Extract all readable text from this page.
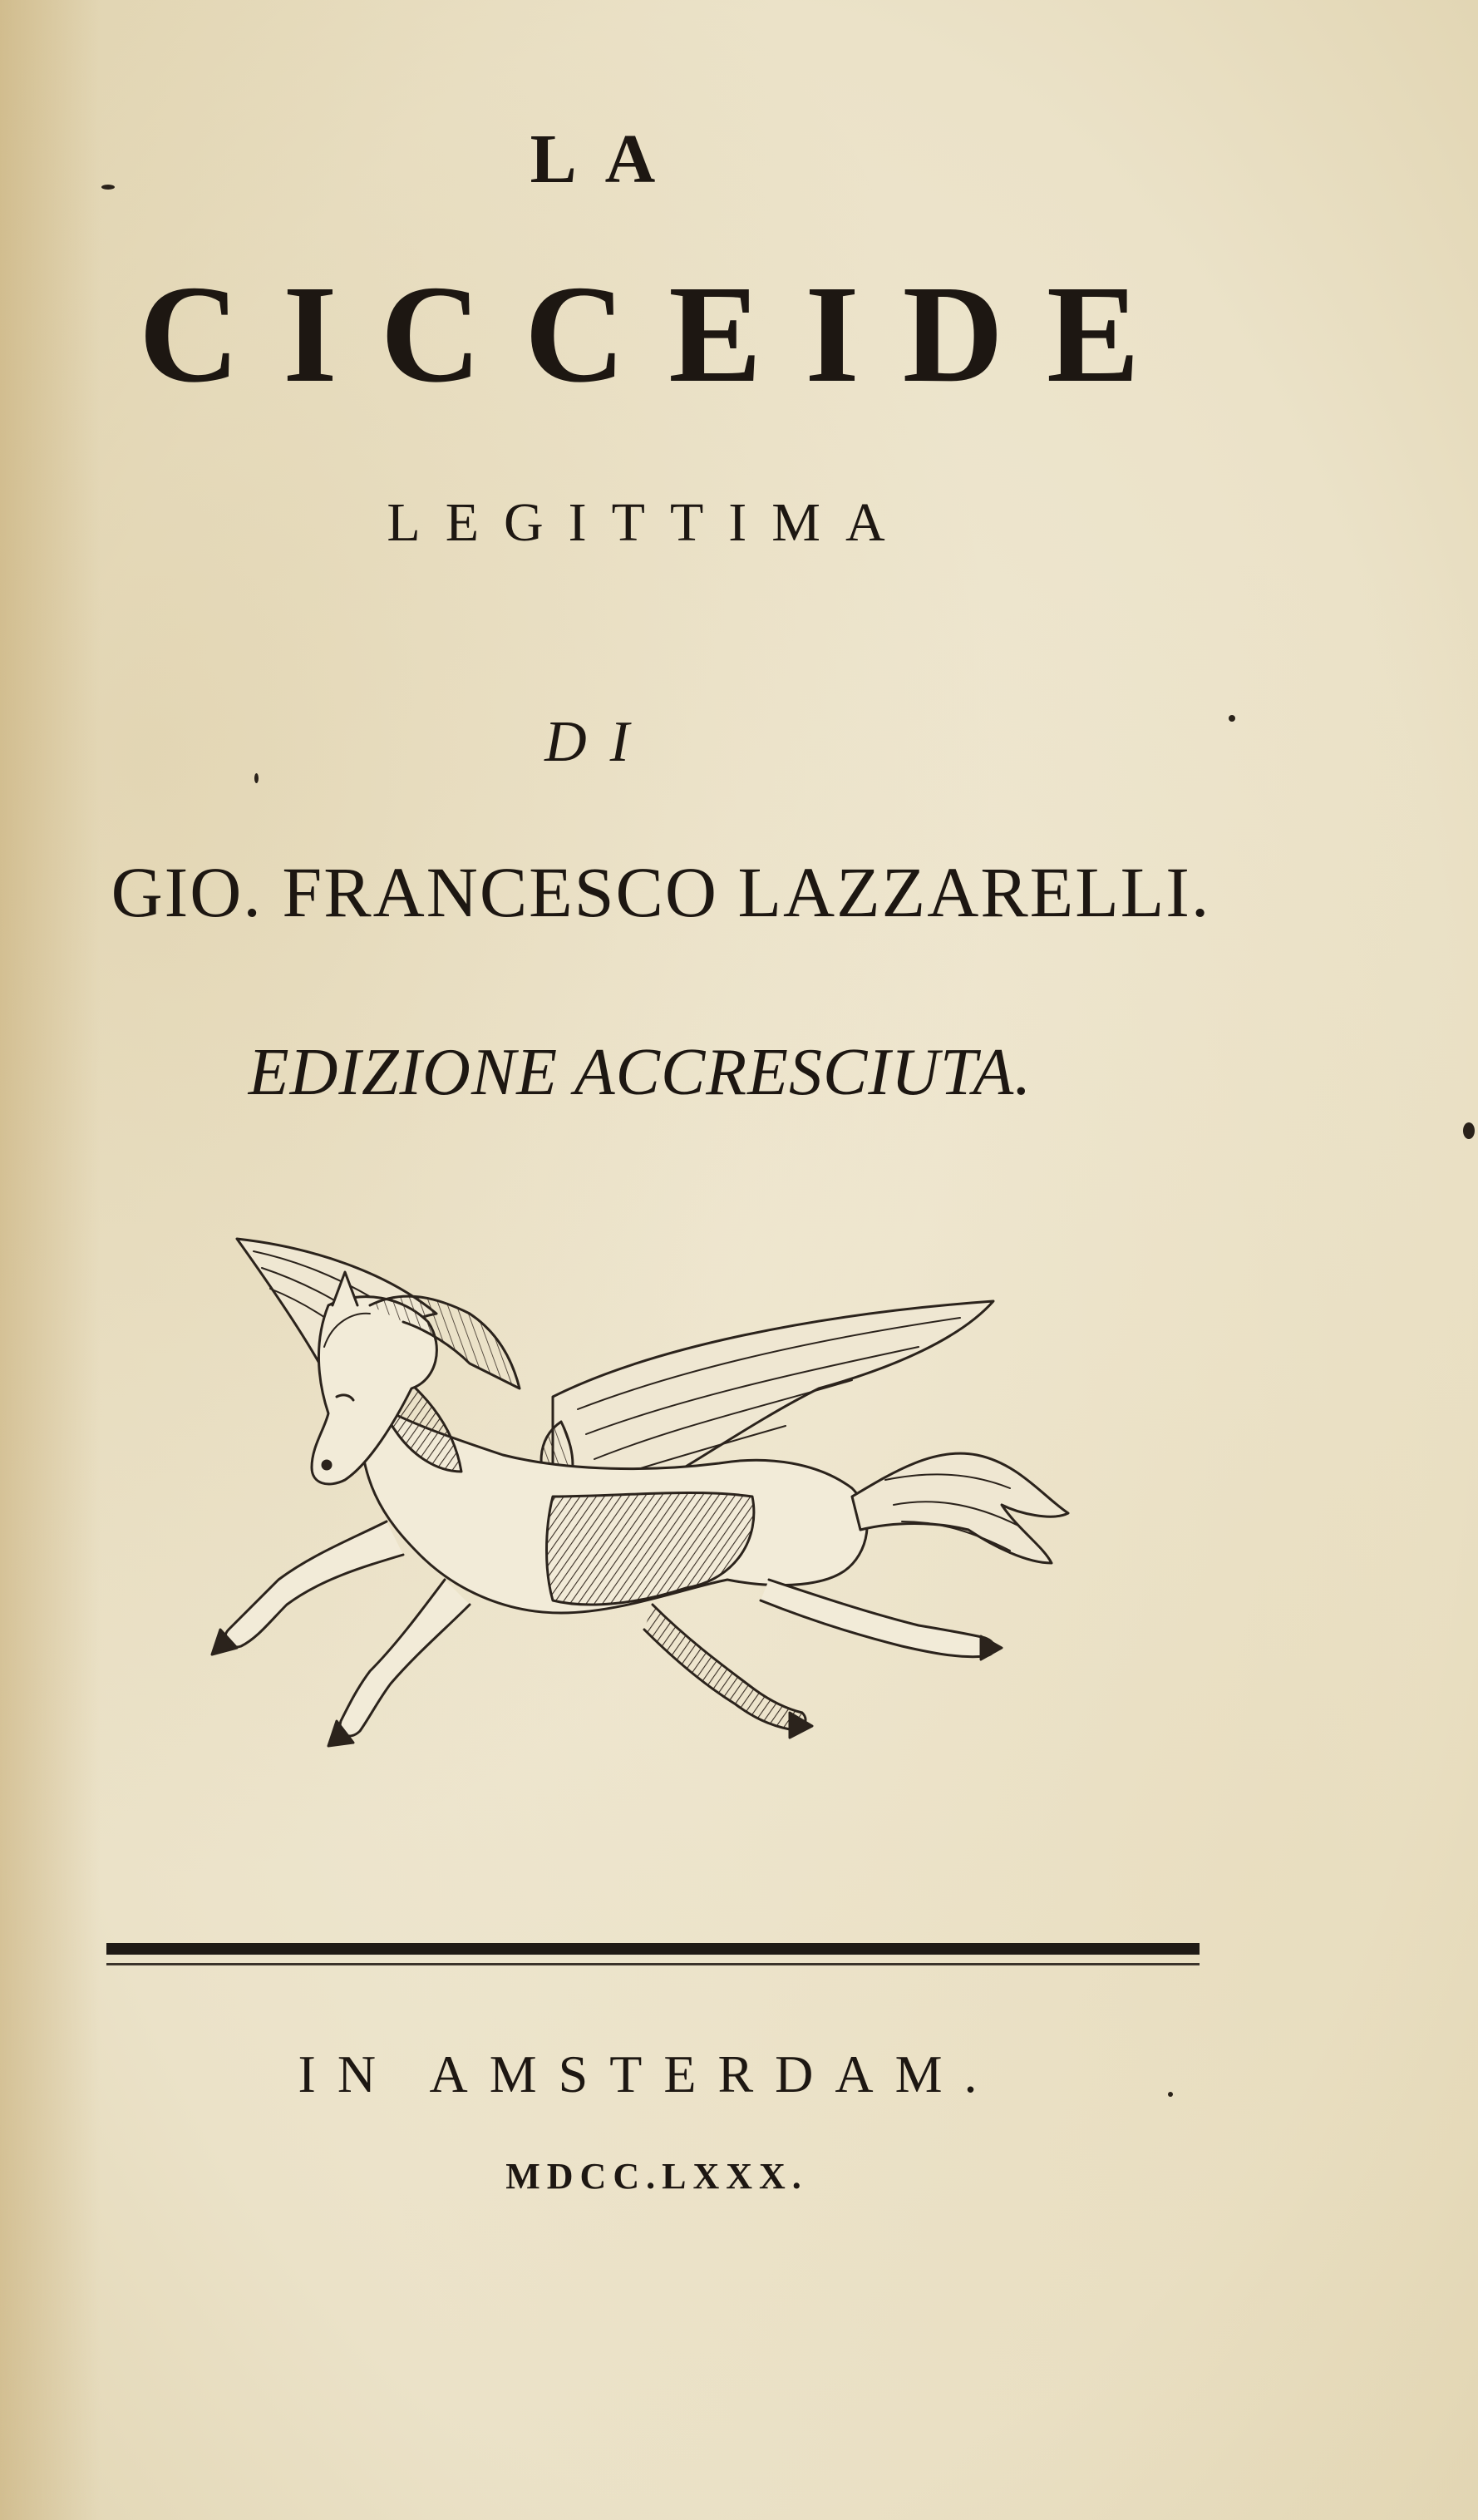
LA
CICCEIDE
LEGITTIMA
DI
GIO. FRANCESCO LAZZARELLI.
EDIZIONE ACCRESCIUTA.
IN AMSTERDAM.
MDCC.LXXX.
